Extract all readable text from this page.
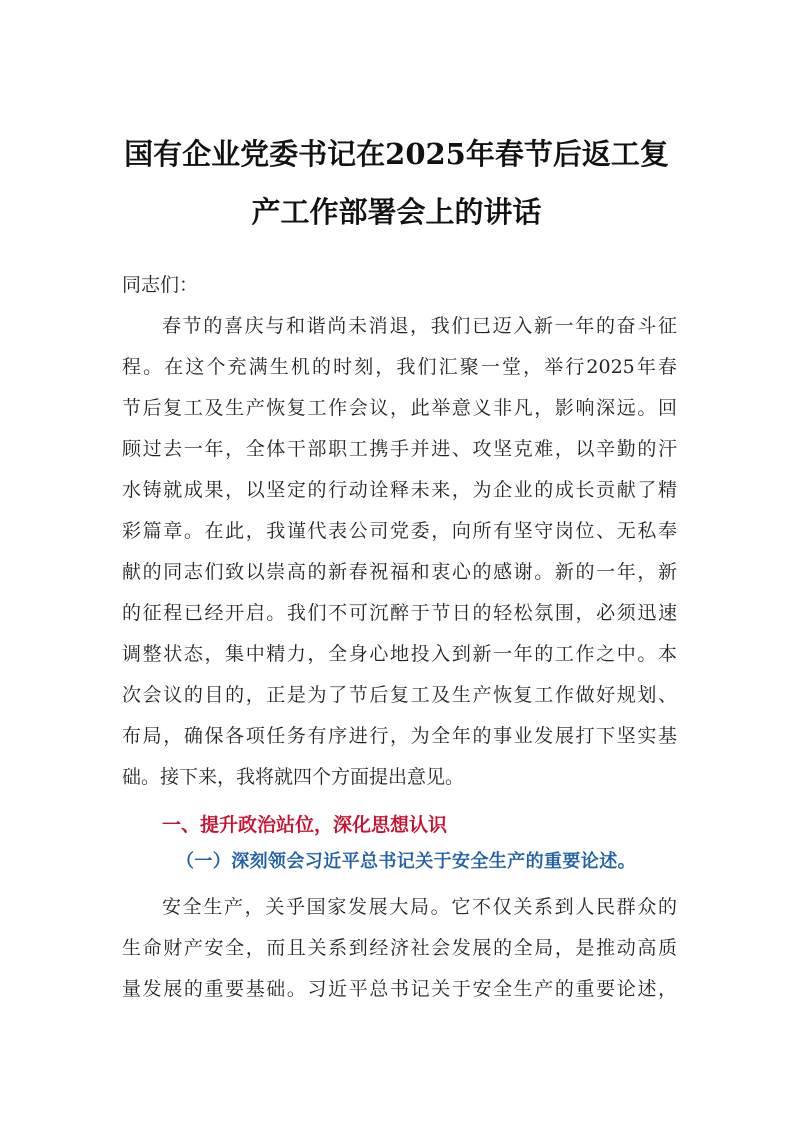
国有企业党委书记在2025年春节后返工复
产工作部署会上的讲话

同志们：

春节的喜庆与和谐尚未消退，我们已迈入新一年的奋斗征

程。在这个充满生机的时刻，我们汇聚一堂，举行2025年春

节后复工及生产恢复工作会议，此举意义非凡，影响深远。回

顾过去一年，全体干部职工携手并进、攻坚克难，以辛勤的汗

水铸就成果，以坚定的行动诠释未来，为企业的成长贡献了精

彩篇章。在此，我谨代表公司党委，向所有坚守岗位、无私奉

献的同志们致以崇高的新春祝福和衷心的感谢。新的一年，新

的征程已经开启。我们不可沉醉于节日的轻松氛围，必须迅速

调整状态，集中精力，全身心地投入到新一年的工作之中。本

次会议的目的，正是为了节后复工及生产恢复工作做好规划、

布局，确保各项任务有序进行，为全年的事业发展打下坚实基

础。接下来，我将就四个方面提出意见。

一、提升政治站位，深化思想认识
（一）深刻领会习近平总书记关于安全生产的重要论述。

安全生产，关乎国家发展大局。它不仅关系到人民群众的

生命财产安全，而且关系到经济社会发展的全局，是推动高质

量发展的重要基础。习近平总书记关于安全生产的重要论述，
